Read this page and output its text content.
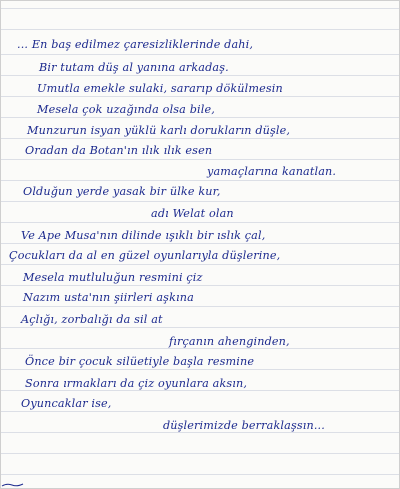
... En baş edilmez çaresizliklerinde dahi,
Bir tutam düş al yanına arkadaş.
Umutla emekle sulaki, sararıp dökülmesin
Mesela çok uzağında olsa bile,
Munzurun isyan yüklü karlı dorukların düşle,
Oradan da Botan'ın ılık ılık esen
yamaçlarına kanatlan.
Olduğun yerde yasak bir ülke kur,
adı Welat olan
Ve Ape Musa'nın dilinde ışıklı bir ıslık çal,
Çocukları da al en güzel oyunlarıyla düşlerine,
Mesela mutluluğun resmini çiz
Nazım usta'nın şiirleri aşkına
Açlığı, zorbalığı da sil at
fırçanın ahenginden,
Önce bir çocuk silüetiyle başla resmine
Sonra ırmakları da çiz oyunlara aksın,
Oyuncaklar ise,
düşlerimizde berraklaşsın...
